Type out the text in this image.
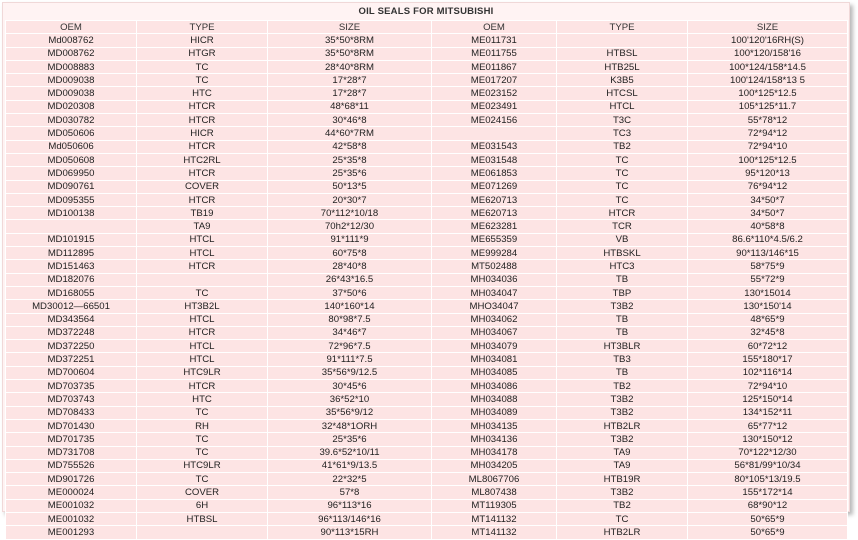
OIL SEALS FOR MITSUBISHI
OEM	TYPE	SIZE	OEM	TYPE	SIZE
Md008762	HICR	35*50*8RM	ME011731		100'120'16RH(S)
MD008762	HTGR	35*50*8RM	ME011755	HTBSL	100*120/158'16
MD008883	TC	28*40*8RM	ME011867	HTB25L	100*124/158*14.5
MD009038	TC	17*28*7	ME017207	K3B5	100'124/158*13 5
MD009038	HTC	17*28*7	ME023152	HTCSL	100*125*12.5
MD020308	HTCR	48*68*11	ME023491	HTCL	105*125*11.7
MD030782	HTCR	30*46*8	ME024156	T3C	55*78*12
MD050606	HICR	44*60*7RM		TC3	72*94*12
Md050606	HTCR	42*58*8	ME031543	TB2	72*94*10
MD050608	HTC2RL	25*35*8	ME031548	TC	100*125*12.5
MD069950	HTCR	25*35*6	ME061853	TC	95*120*13
MD090761	COVER	50*13*5	ME071269	TC	76*94*12
MD095355	HTCR	20*30*7	ME620713	TC	34*50*7
MD100138	TB19	70*112*10/18	ME620713	HTCR	34*50*7
	TA9	70h2*12/30	ME623281	TCR	40*58*8
MD101915	HTCL	91*111*9	ME655359	VB	86.6*110*4.5/6.2
MD112895	HTCL	60*75*8	ME999284	HTBSKL	90*113/146*15
MD151463	HTCR	28*40*8	MT502488	HTC3	58*75*9
MD182076		26*43*16.5	MH034036	TB	55*72*9
MD168055	TC	37*50*6	MH034047	TBP	130*15014
MD30012—66501	HT3B2L	140*160*14	MHO34047	T3B2	130*150'14
MD343564	HTCL	80*98*7.5	MH034062	TB	48*65*9
MD372248	HTCR	34*46*7	MH034067	TB	32*45*8
MD372250	HTCL	72*96*7.5	MH034079	HT3BLR	60*72*12
MD372251	HTCL	91*111*7.5	MH034081	TB3	155*180*17
MD700604	HTC9LR	35*56*9/12.5	MH034085	TB	102*116*14
MD703735	HTCR	30*45*6	MH034086	TB2	72*94*10
MD703743	HTC	36*52*10	MH034088	T3B2	125*150*14
MD708433	TC	35*56*9/12	MH034089	T3B2	134*152*11
MD701430	RH	32*48*1ORH	MH034135	HTB2LR	65*77*12
MD701735	TC	25*35*6	MH034136	T3B2	130*150*12
MD731708	TC	39.6*52*10/11	MH034178	TA9	70*122*12/30
MD755526	HTC9LR	41*61*9/13.5	MH034205	TA9	56*81/99*10/34
MD901726	TC	22*32*5	ML8067706	HTB19R	80*105*13/19.5
ME000024	COVER	57*8	ML807438	T3B2	155*172*14
ME001032	6H	96*113*16	MT119305	TB2	68*90*12
ME001032	HTBSL	96*113/146*16	MT141132	TC	50*65*9
ME001293		90*113*15RH	MT141132	HTB2LR	50*65*9
